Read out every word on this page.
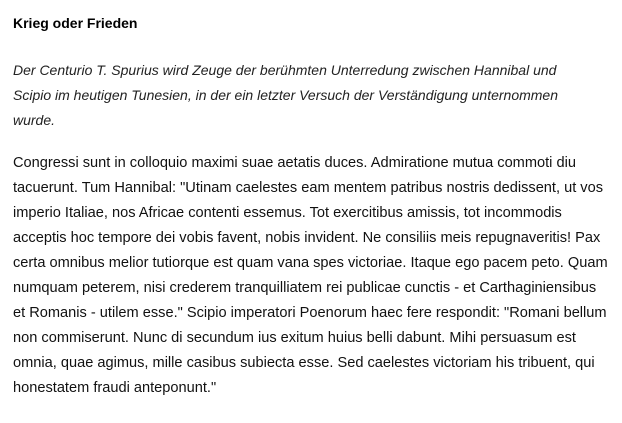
Krieg oder Frieden
Der Centurio T. Spurius wird Zeuge der berühmten Unterredung zwischen Hannibal und
Scipio im heutigen Tunesien, in der ein letzter Versuch der Verständigung unternommen
wurde.
Congressi sunt in colloquio maximi suae aetatis duces. Admiratione mutua commoti diu
tacuerunt. Tum Hannibal: "Utinam caelestes eam mentem patribus nostris dedissent, ut vos
imperio Italiae, nos Africae contenti essemus. Tot exercitibus amissis, tot incommodis
acceptis hoc tempore dei vobis favent, nobis invident. Ne consiliis meis repugnaveritis! Pax
certa omnibus melior tutiorque est quam vana spes victoriae. Itaque ego pacem peto. Quam
numquam peterem, nisi crederem tranquilliatem rei publicae cunctis - et Carthaginiensibus
et Romanis - utilem esse." Scipio imperatori Poenorum haec fere respondit: "Romani bellum
non commiserunt. Nunc di secundum ius exitum huius belli dabunt. Mihi persuasum est
omnia, quae agimus, mille casibus subiecta esse. Sed caelestes victoriam his tribuent, qui
honestatem fraudi anteponunt."
